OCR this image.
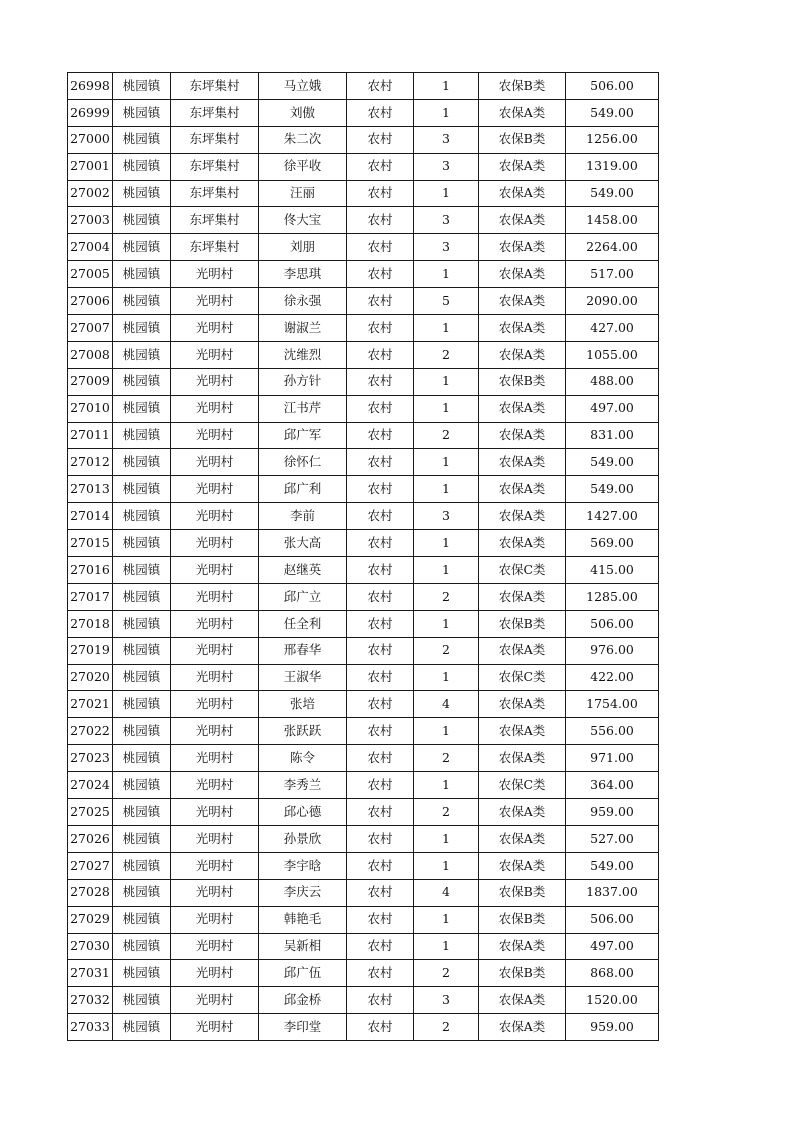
26998	桃园镇	东坪集村	马立娥	农村	1	农保B类	506.00
26999	桃园镇	东坪集村	刘傲	农村	1	农保A类	549.00
27000	桃园镇	东坪集村	朱二次	农村	3	农保B类	1256.00
27001	桃园镇	东坪集村	徐平收	农村	3	农保A类	1319.00
27002	桃园镇	东坪集村	汪丽	农村	1	农保A类	549.00
27003	桃园镇	东坪集村	佟大宝	农村	3	农保A类	1458.00
27004	桃园镇	东坪集村	刘朋	农村	3	农保A类	2264.00
27005	桃园镇	光明村	李思琪	农村	1	农保A类	517.00
27006	桃园镇	光明村	徐永强	农村	5	农保A类	2090.00
27007	桃园镇	光明村	谢淑兰	农村	1	农保A类	427.00
27008	桃园镇	光明村	沈维烈	农村	2	农保A类	1055.00
27009	桃园镇	光明村	孙方针	农村	1	农保B类	488.00
27010	桃园镇	光明村	江书芹	农村	1	农保A类	497.00
27011	桃园镇	光明村	邱广军	农村	2	农保A类	831.00
27012	桃园镇	光明村	徐怀仁	农村	1	农保A类	549.00
27013	桃园镇	光明村	邱广利	农村	1	农保A类	549.00
27014	桃园镇	光明村	李前	农村	3	农保A类	1427.00
27015	桃园镇	光明村	张大高	农村	1	农保A类	569.00
27016	桃园镇	光明村	赵继英	农村	1	农保C类	415.00
27017	桃园镇	光明村	邱广立	农村	2	农保A类	1285.00
27018	桃园镇	光明村	任全利	农村	1	农保B类	506.00
27019	桃园镇	光明村	邢春华	农村	2	农保A类	976.00
27020	桃园镇	光明村	王淑华	农村	1	农保C类	422.00
27021	桃园镇	光明村	张培	农村	4	农保A类	1754.00
27022	桃园镇	光明村	张跃跃	农村	1	农保A类	556.00
27023	桃园镇	光明村	陈令	农村	2	农保A类	971.00
27024	桃园镇	光明村	李秀兰	农村	1	农保C类	364.00
27025	桃园镇	光明村	邱心德	农村	2	农保A类	959.00
27026	桃园镇	光明村	孙景欣	农村	1	农保A类	527.00
27027	桃园镇	光明村	李宇晗	农村	1	农保A类	549.00
27028	桃园镇	光明村	李庆云	农村	4	农保B类	1837.00
27029	桃园镇	光明村	韩艳毛	农村	1	农保B类	506.00
27030	桃园镇	光明村	吴新相	农村	1	农保A类	497.00
27031	桃园镇	光明村	邱广伍	农村	2	农保B类	868.00
27032	桃园镇	光明村	邱金桥	农村	3	农保A类	1520.00
27033	桃园镇	光明村	李印堂	农村	2	农保A类	959.00
